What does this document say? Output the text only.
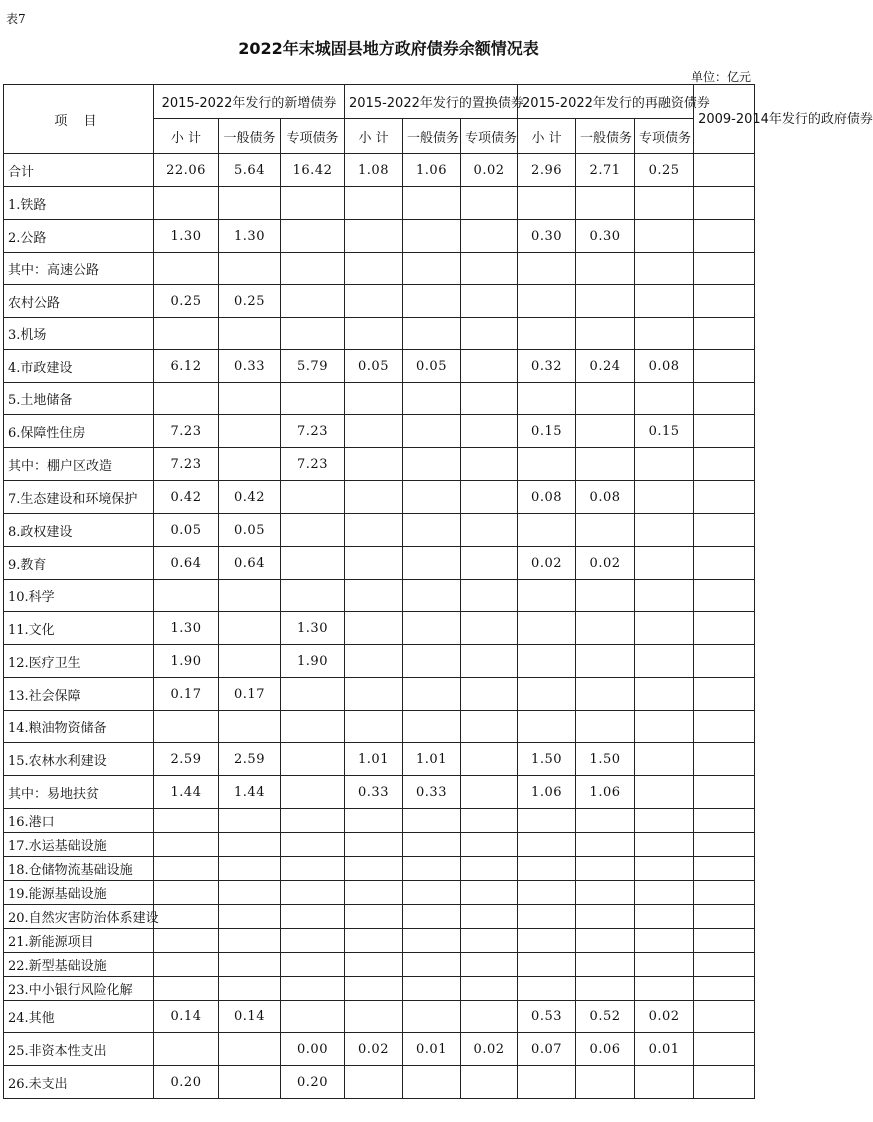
表7
2022年末城固县地方政府债券余额情况表
单位：亿元
项 目	2015-2022年发行的新增债券			2015-2022年发行的置换债券			2015-2022年发行的再融资债券			2009-2014年发行的政府债券
	小 计	一般债务	专项债务	小 计	一般债务	专项债务	小 计	一般债务	专项债务	
合计	22.06	5.64	16.42	1.08	1.06	0.02	2.96	2.71	0.25	
1.铁路										
2.公路	1.30	1.30					0.30	0.30		
其中：高速公路										
农村公路	0.25	0.25								
3.机场										
4.市政建设	6.12	0.33	5.79	0.05	0.05		0.32	0.24	0.08	
5.土地储备										
6.保障性住房	7.23		7.23				0.15		0.15	
其中：棚户区改造	7.23		7.23							
7.生态建设和环境保护	0.42	0.42					0.08	0.08		
8.政权建设	0.05	0.05								
9.教育	0.64	0.64					0.02	0.02		
10.科学										
11.文化	1.30		1.30							
12.医疗卫生	1.90		1.90							
13.社会保障	0.17	0.17								
14.粮油物资储备										
15.农林水利建设	2.59	2.59		1.01	1.01		1.50	1.50		
其中：易地扶贫	1.44	1.44		0.33	0.33		1.06	1.06		
16.港口										
17.水运基础设施										
18.仓储物流基础设施										
19.能源基础设施										
20.自然灾害防治体系建设										
21.新能源项目										
22.新型基础设施										
23.中小银行风险化解										
24.其他	0.14	0.14					0.53	0.52	0.02	
25.非资本性支出			0.00	0.02	0.01	0.02	0.07	0.06	0.01	
26.未支出	0.20		0.20							
